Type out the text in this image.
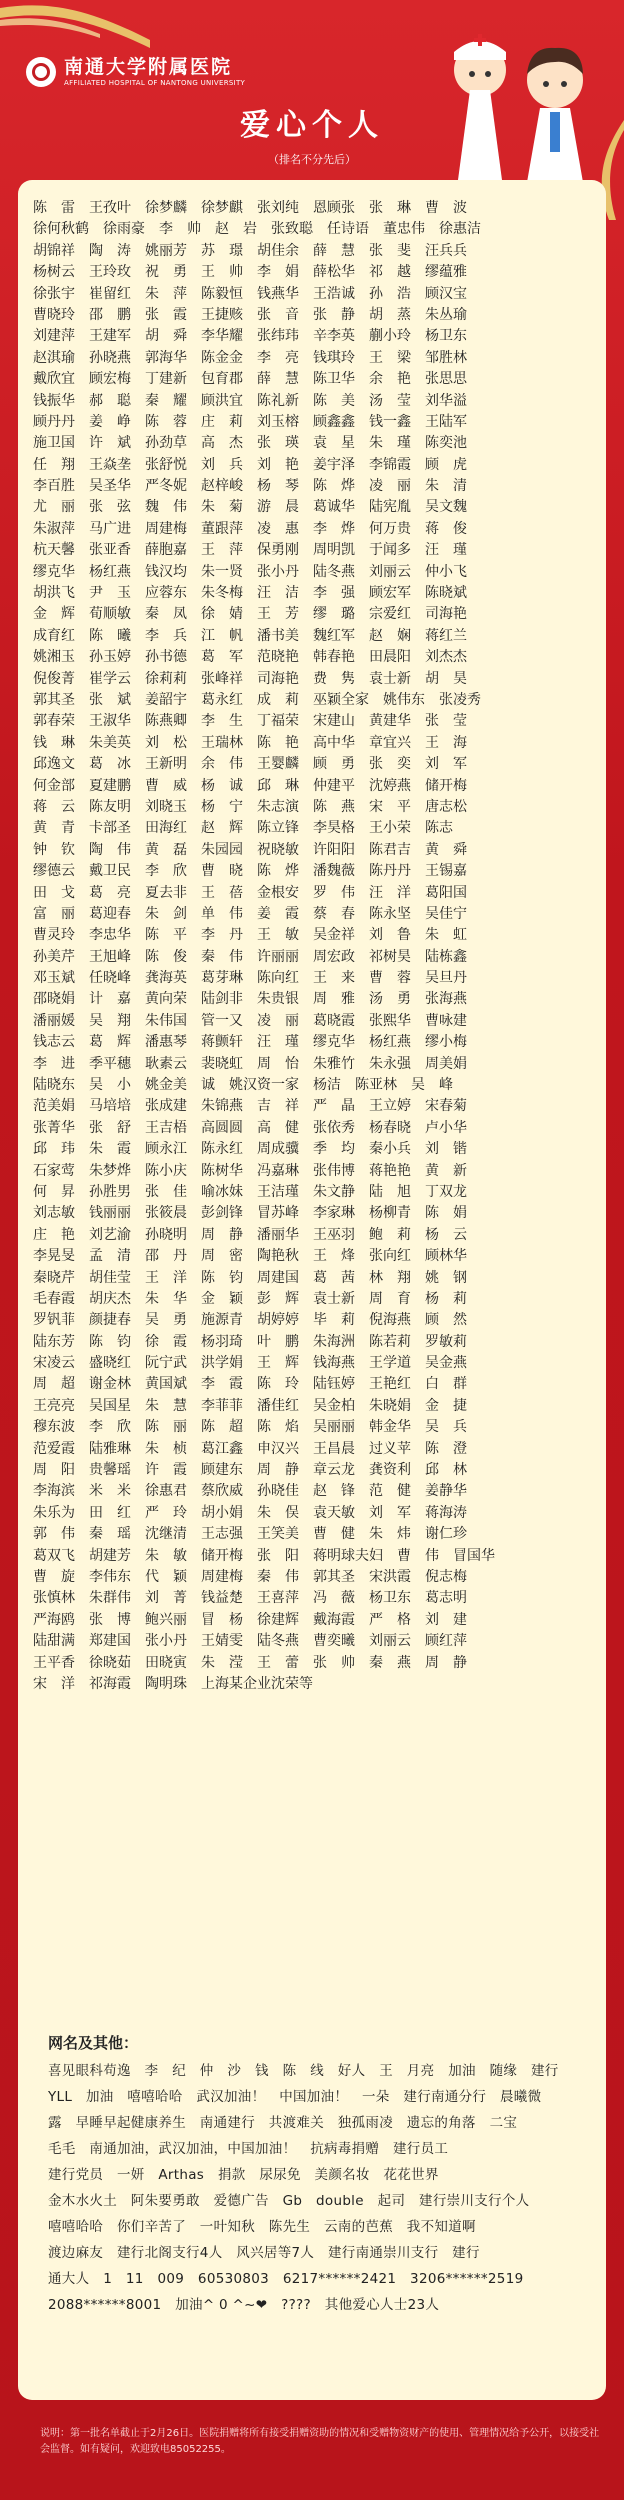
南通大学附属医院
AFFILIATED HOSPITAL OF NANTONG UNIVERSITY
爱心个人
（排名不分先后）
陈　雷　王孜叶　徐梦麟　徐梦麒　张刘纯　恩顾张　张　琳　曹　波
徐何秋鹤　徐雨豪　李　帅　赵　岩　张致聪　任诗语　董忠伟　徐惠洁
胡锦祥　陶　涛　姚丽芳　苏　璟　胡佳余　薛　慧　张　斐　汪兵兵
杨树云　王玲玫　祝　勇　王　帅　李　娟　薛松华　祁　越　缪蕴雅
徐张宇　崔留红　朱　萍　陈毅恒　钱燕华　王浩诚　孙　浩　顾汉宝
曹晓玲　邵　鹏　张　霞　王捷赅　张　音　张　静　胡　蒸　朱丛瑜
刘建萍　王建军　胡　舜　李华耀　张纬玮　辛李英　蒯小玲　杨卫东
赵淇瑜　孙晓燕　郭海华　陈金金　李　亮　钱琪玲　王　梁　邹胜林
戴欣宜　顾宏梅　丁建新　包育郡　薛　慧　陈卫华　余　艳　张思思
钱振华　郝　聪　秦　耀　顾洪宜　陈礼新　陈　美　汤　莹　刘华溢
顾丹丹　姜　峥　陈　蓉　庄　莉　刘玉榕　顾鑫鑫　钱一鑫　王陆军
施卫国　许　斌　孙劲草　高　杰　张　瑛　袁　星　朱　瑾　陈奕池
任　翔　王焱垄　张舒悦　刘　兵　刘　艳　姜宇泽　李锦霞　顾　虎
李百胜　吴圣华　严冬妮　赵梓峻　杨　琴　陈　烨　凌　丽　朱　清
尤　丽　张　弦　魏　伟　朱　菊　游　晨　葛诚华　陆宪胤　吴文魏
朱淑萍　马广进　周建梅　董跟萍　凌　惠　李　烨　何万贵　蒋　俊
杭天馨　张亚香　薛胞嘉　王　萍　保勇刚　周明凯　于闻多　汪　瑾
缪克华　杨红燕　钱汉均　朱一贤　张小丹　陆冬燕　刘丽云　仲小飞
胡洪飞　尹　玉　应蓉东　朱冬梅　汪　洁　李　强　顾宏军　陈晓斌
金　辉　荀顺敏　秦　凤　徐　婧　王　芳　缪　璐　宗爱红　司海艳
成育红　陈　曦　李　兵　江　帆　潘书美　魏红军　赵　娴　蒋红兰
姚湘玉　孙玉婷　孙书德　葛　军　范晓艳　韩春艳　田晨阳　刘杰杰
倪俊菁　崔学云　徐莉莉　张峰祥　司海艳　费　隽　袁士新　胡　昊
郭其圣　张　斌　姜韶宇　葛永红　成　莉　巫颖全家　姚伟东　张凌秀
郭春荣　王淑华　陈燕卿　李　生　丁福荣　宋建山　黄建华　张　莹
钱　琳　朱美英　刘　松　王瑞林　陈　艳　高中华　章宜兴　王　海
邱逸文　葛　冰　王新明　余　伟　王婴麟　顾　勇　张　奕　刘　军
何金部　夏建鹏　曹　威　杨　诚　邱　琳　仲建平　沈婷燕　储开梅
蒋　云　陈友明　刘晓玉　杨　宁　朱志演　陈　燕　宋　平　唐志松
黄　青　卡部圣　田海红　赵　辉　陈立锋　李昊格　王小荣　陈志
钟　钦　陶　伟　黄　磊　朱园园　祝晓敏　许阳阳　陈君吉　黄　舜
缪德云　戴卫民　李　欣　曹　晓　陈　烨　潘魏薇　陈丹丹　王锡嘉
田　戈　葛　亮　夏去非　王　蓓　金根安　罗　伟　汪　洋　葛阳国
富　丽　葛迎春　朱　剑　单　伟　姜　霞　蔡　春　陈永坚　吴佳宁
曹灵玲　李忠华　陈　平　李　丹　王　敏　吴金祥　刘　鲁　朱　虹
孙美芹　王旭峰　陈　俊　秦　伟　许丽丽　周宏政　祁树昊　陆栋鑫
邓玉斌　任晓峰　龚海英　葛芽琳　陈向红　王　来　曹　蓉　吴旦丹
邵晓娟　计　嘉　黄向荣　陆剑非　朱贵银　周　雅　汤　勇　张海燕
潘丽媛　吴　翔　朱伟国　管一又　凌　丽　葛晓霞　张熙华　曹咏建
钱志云　葛　辉　潘惠琴　蒋颤轩　汪　瑾　缪克华　杨红燕　缪小梅
李　进　季平穗　耿素云　裴晓虹　周　怡　朱雅竹　朱永强　周美娟
陆晓东　吴　小　姚金美　诚　姚汉资一家　杨洁　陈亚林　吴　峰
范美娟　马培培　张成建　朱锦燕　吉　祥　严　晶　王立婷　宋春菊
张菁华　张　舒　王吉梧　高圆圆　高　健　张依秀　杨春晓　卢小华
邱　玮　朱　霞　顾永江　陈永红　周成骥　季　均　秦小兵　刘　锴
石家莺　朱梦烨　陈小庆　陈树华　冯嘉琳　张伟博　蒋艳艳　黄　新
何　昇　孙胜男　张　佳　喻冰妹　王洁瑾　朱文静　陆　旭　丁双龙
刘志敏　钱丽丽　张筱晨　彭剑锋　冒苏峰　李家琳　杨柳青　陈　娟
庄　艳　刘艺渝　孙晓明　周　静　潘丽华　王巫羽　鲍　莉　杨　云
李晃旻　孟　清　邵　丹　周　密　陶艳秋　王　烽　张向红　顾林华
秦晓芹　胡佳莹　王　洋　陈　钧　周建国　葛　茜　林　翔　姚　钢
毛春霞　胡庆杰　朱　华　金　颖　彭　辉　袁士新　周　育　杨　莉
罗钒菲　颜捷春　吴　勇　施源青　胡婷婷　毕　莉　倪海燕　顾　然
陆东芳　陈　钧　徐　霞　杨羽琦　叶　鹏　朱海洲　陈若莉　罗敏莉
宋凌云　盛晓红　阮宁武　洪学娟　王　辉　钱海燕　王学道　吴金燕
周　超　谢金林　黄国斌　李　霞　陈　玲　陆钰婷　王艳红　白　群
王亮亮　吴国星　朱　慧　李菲菲　潘佳红　吴金柏　朱晓娟　金　捷
穆东波　李　欣　陈　丽　陈　超　陈　焰　吴丽丽　韩金华　吴　兵
范爱霞　陆雅琳　朱　桢　葛江鑫　申汉兴　王昌晨　过义苹　陈　澄
周　阳　贵馨瑶　许　霞　顾建东　周　静　章云龙　龚资利　邱　林
李海滨　米　米　徐惠君　蔡欣威　孙晓佳　赵　锋　范　健　姜静华
朱乐为　田　红　严　玲　胡小娟　朱　俣　袁天敏　刘　军　蒋海涛
郭　伟　秦　瑶　沈继清　王志强　王笑美　曹　健　朱　炜　谢仁珍
葛双飞　胡建芳　朱　敏　储开梅　张　阳　蒋明球夫妇　曹　伟　冒国华
曹　旋　李伟东　代　颖　周建梅　秦　伟　郭其圣　宋洪霞　倪志梅
张慎林　朱群伟　刘　菁　钱益楚　王喜萍　冯　薇　杨卫东　葛志明
严海鸥　张　博　鲍兴丽　冒　杨　徐建辉　戴海霞　严　格　刘　建
陆甜满　郑建国　张小丹　王婧雯　陆冬燕　曹奕曦　刘丽云　顾红萍
王平香　徐晓茹　田晓寅　朱　滢　王　蕾　张　帅　秦　燕　周　静
宋　洋　祁海霞　陶明珠　上海某企业沈荣等
网名及其他：
喜见眼科苟逸　李　纪　仲　沙　钱　陈　线　好人　王　月亮　加油　随缘　建行
YLL　加油　嘻嘻哈哈　武汉加油！　中国加油！　一朵　建行南通分行　晨曦微
露　早睡早起健康养生　南通建行　共渡难关　独孤雨凌　遗忘的角落　二宝
毛毛　南通加油，武汉加油，中国加油！　抗病毒捐赠　建行员工
建行党员　一妍　Arthas　捐款　尿尿免　美颜名妆　花花世界
金木水火土　阿朱要勇敢　爱德广告　Gb　double　起司　建行崇川支行个人
嘻嘻哈哈　你们辛苦了　一叶知秋　陈先生　云南的芭蕉　我不知道啊
渡边麻友　建行北阁支行4人　风兴居等7人　建行南通崇川支行　建行
通大人　1　11　009　60530803　6217******2421　3206******2519
2088******8001　加油^ 0 ^~❤　????　其他爱心人士23人
说明：第一批名单截止于2月26日。医院捐赠将所有接受捐赠资助的情况和受赠物资财产的使用、管理情况给予公开，以接受社会监督。如有疑问，欢迎致电85052255。
